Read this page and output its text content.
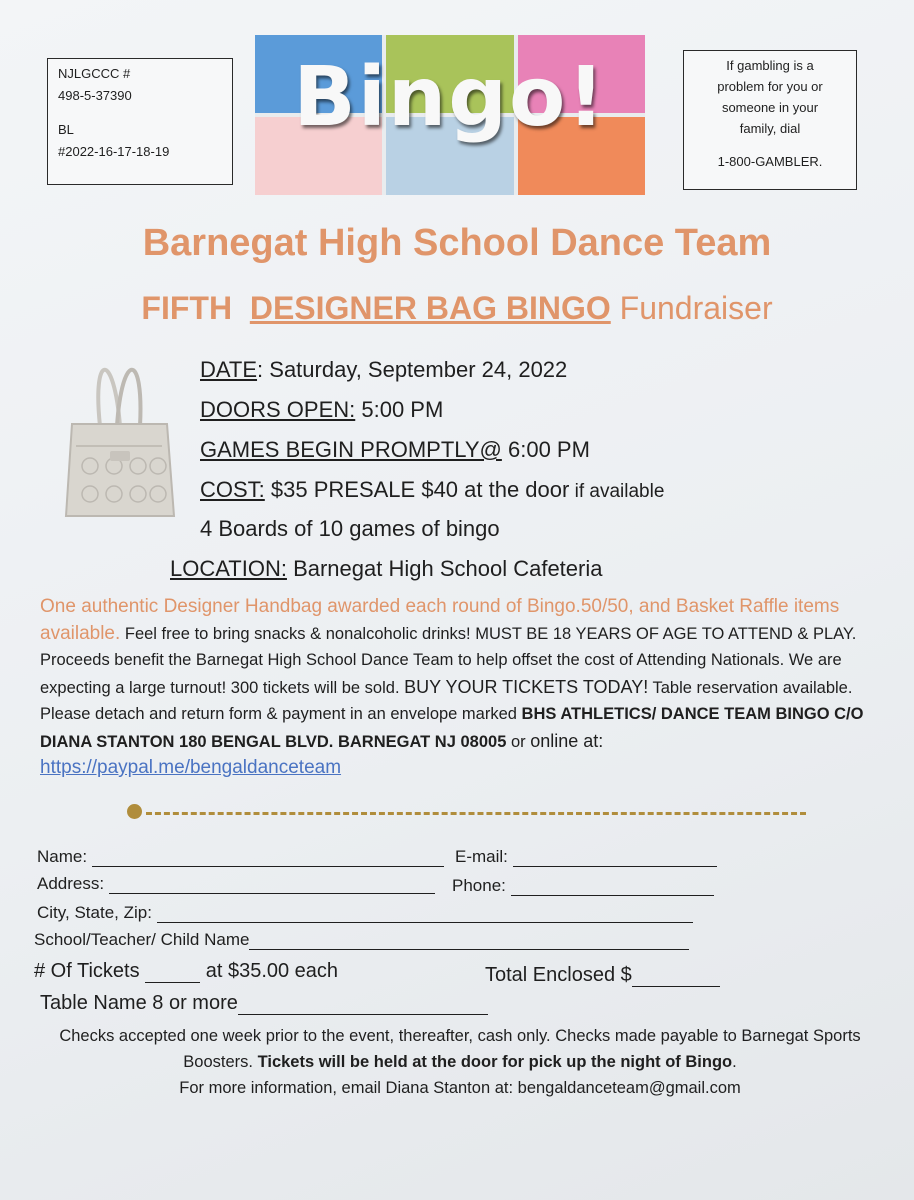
NJLGCCC #
498-5-37390
BL
#2022-16-17-18-19
Bingo!	If gambling is a
problem for you or
someone in your
family, dial
1-800-GAMBLER.
Barnegat High School Dance Team
FIFTH DESIGNER BAG BINGO Fundraiser
DATE: Saturday, September 24, 2022
DOORS OPEN: 5:00 PM
GAMES BEGIN PROMPTLY@ 6:00 PM
COST: $35 PRESALE $40 at the door if available
4 Boards of 10 games of bingo
LOCATION: Barnegat High School Cafeteria
One authentic Designer Handbag awarded each round of Bingo.50/50, and Basket Raffle items available. Feel free to bring snacks & nonalcoholic drinks! MUST BE 18 YEARS OF AGE TO ATTEND & PLAY. Proceeds benefit the Barnegat High School Dance Team to help offset the cost of Attending Nationals. We are expecting a large turnout! 300 tickets will be sold. BUY YOUR TICKETS TODAY! Table reservation available. Please detach and return form & payment in an envelope marked BHS ATHLETICS/ DANCE TEAM BINGO C/O DIANA STANTON 180 BENGAL BLVD. BARNEGAT NJ 08005 or online at: https://paypal.me/bengaldanceteam
Name:	E-mail:
Address:	Phone:
City, State, Zip:
School/Teacher/ Child Name
# Of Tickets	at $35.00 each	Total Enclosed $
Table Name 8 or more
Checks accepted one week prior to the event, thereafter, cash only. Checks made payable to Barnegat Sports Boosters. Tickets will be held at the door for pick up the night of Bingo.
For more information, email Diana Stanton at: bengaldanceteam@gmail.com
